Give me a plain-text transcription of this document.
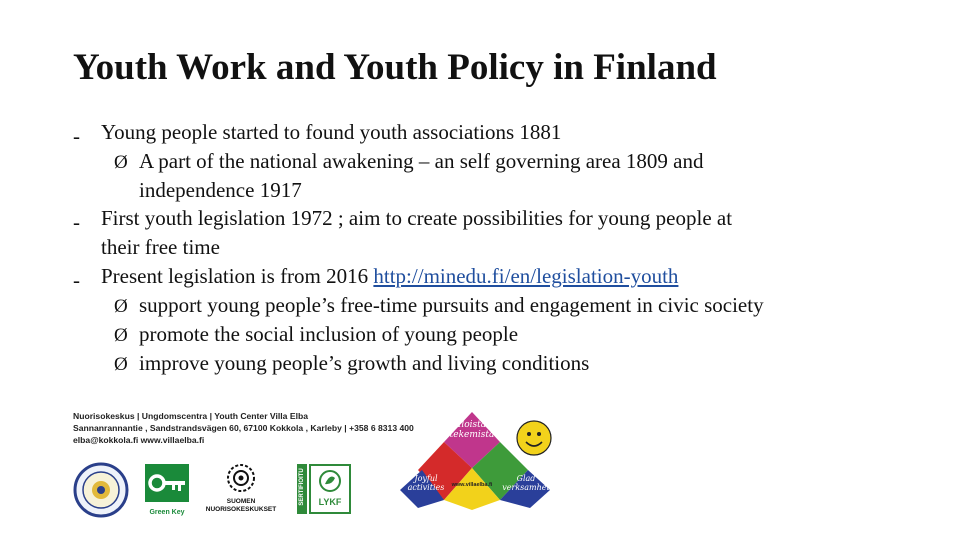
Youth Work and Youth Policy in Finland
- Young people started to found youth associations 1881
Ø A part of the national awakening – an self governing area 1809 and
independence 1917
- First youth legislation 1972 ; aim to create possibilities for young people at
their free time
- Present legislation is from 2016 http://minedu.fi/en/legislation-youth
Ø support young people’s free-time pursuits and engagement in civic society
Ø promote the social inclusion of young people
Ø improve young people’s growth and living conditions
Nuorisokeskus | Ungdomscentra | Youth Center Villa Elba
Sannanrannantie , Sandstrandsvägen 60, 67100 Kokkola , Karleby | +358 6 8313 400
elba@kokkola.fi www.villaelba.fi
Green Key
SUOMEN
NUORISOKESKUKSET
SERTIFIOITU	LYKF
Iloista
tekemistä
Joyful
activities
Glad
verksamhet
www.villaelba.fi
